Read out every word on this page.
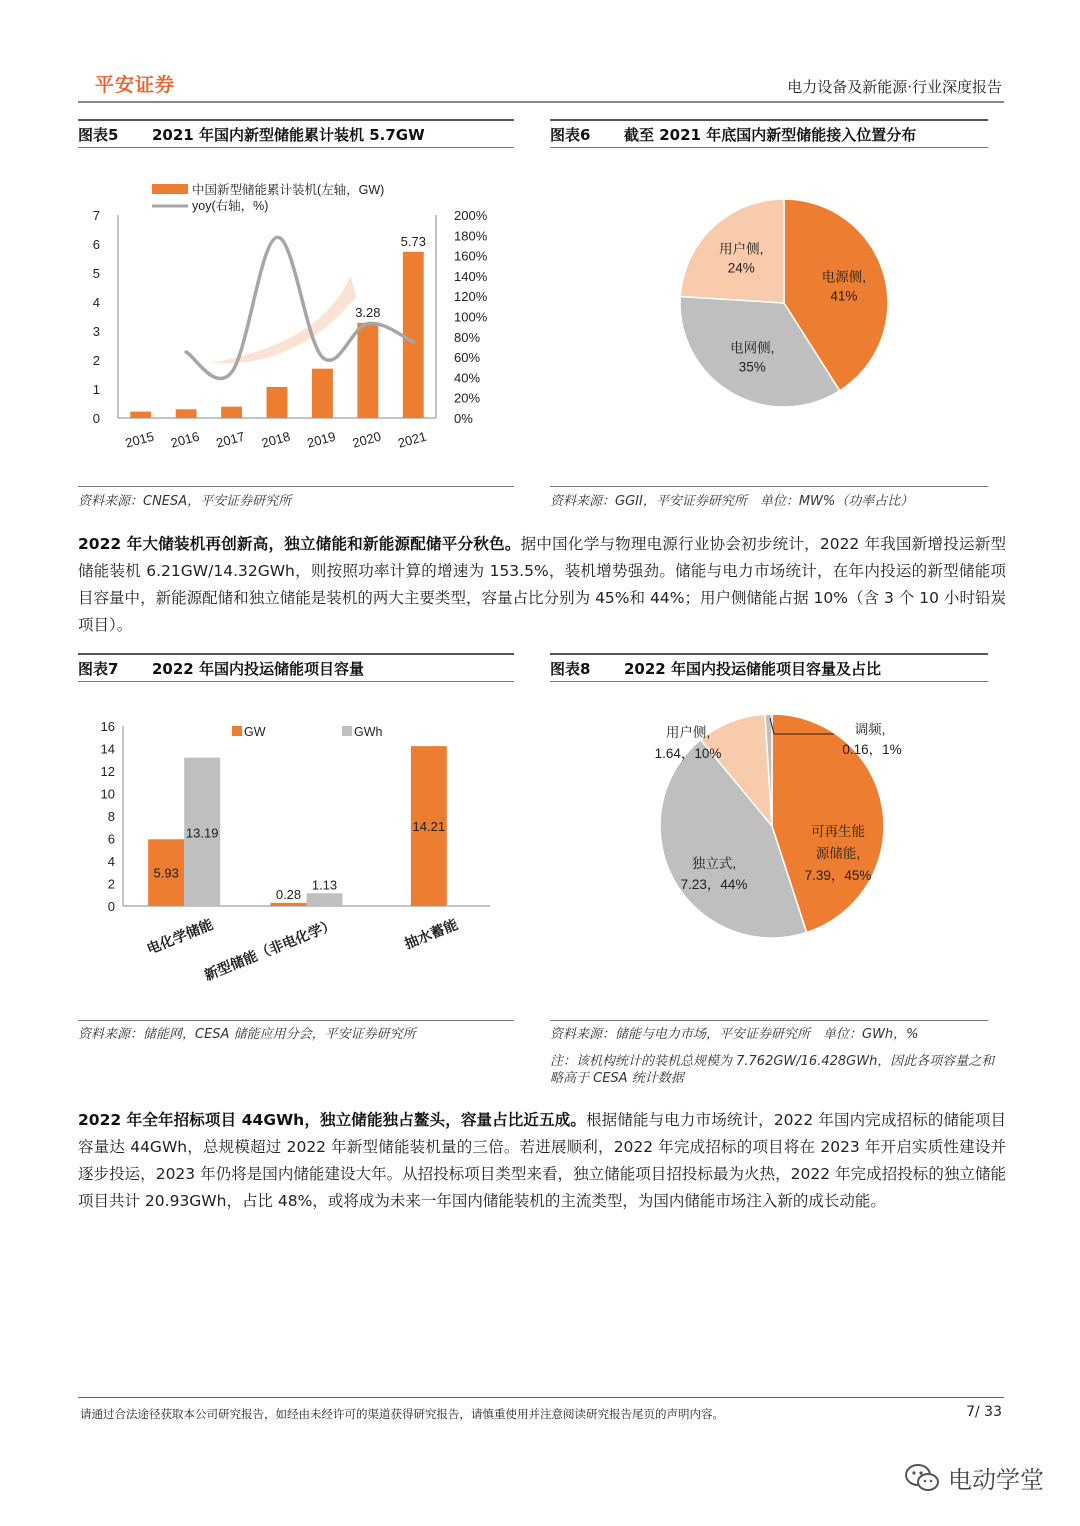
平安证券	电力设备及新能源·行业深度报告
图表5 2021 年国内新型储能累计装机 5.7GW
中国新型储能累计装机(左轴，GW)
yoy(右轴，%)
0
1
2
3
4
5
6
7
0%
20%
40%
60%
80%
100%
120%
140%
160%
180%
200%
3.28
5.73
2015 2016 2017 2018 2019 2020 2021
资料来源：CNESA，平安证券研究所
图表6 截至 2021 年底国内新型储能接入位置分布
电源侧,
41%
电网侧,
35%
用户侧,
24%
资料来源：GGII，平安证券研究所　单位：MW%（功率占比）
2022 年大储装机再创新高，独立储能和新能源配储平分秋色。据中国化学与物理电源行业协会初步统计，2022 年我国新增投运新型储能装机 6.21GW/14.32GWh，则按照功率计算的增速为 153.5%，装机增势强劲。储能与电力市场统计，在年内投运的新型储能项目容量中，新能源配储和独立储能是装机的两大主要类型，容量占比分别为 45%和 44%；用户侧储能占据 10%（含 3 个 10 小时铅炭项目）。
图表7 2022 年国内投运储能项目容量
GW	GWh
0
2
4
6
8
10
12
14
16
5.93
13.19
电化学储能
0.28
1.13
新型储能（非电化学）
14.21
抽水蓄能
资料来源：储能网，CESA 储能应用分会，平安证券研究所
图表8 2022 年国内投运储能项目容量及占比
可再生能
源储能,
7.39，45%
独立式,
7.23，44%
用户侧,
1.64，10%
调频,
0.16，1%
资料来源：储能与电力市场，平安证券研究所　单位：GWh，%
注：该机构统计的装机总规模为 7.762GW/16.428GWh，因此各项容量之和略高于 CESA 统计数据
2022 年全年招标项目 44GWh，独立储能独占鳌头，容量占比近五成。根据储能与电力市场统计，2022 年国内完成招标的储能项目容量达 44GWh，总规模超过 2022 年新型储能装机量的三倍。若进展顺利，2022 年完成招标的项目将在 2023 年开启实质性建设并逐步投运，2023 年仍将是国内储能建设大年。从招投标项目类型来看，独立储能项目招投标最为火热，2022 年完成招投标的独立储能项目共计 20.93GWh，占比 48%，或将成为未来一年国内储能装机的主流类型，为国内储能市场注入新的成长动能。
请通过合法途径获取本公司研究报告，如经由未经许可的渠道获得研究报告，请慎重使用并注意阅读研究报告尾页的声明内容。	7/ 33
电动学堂
